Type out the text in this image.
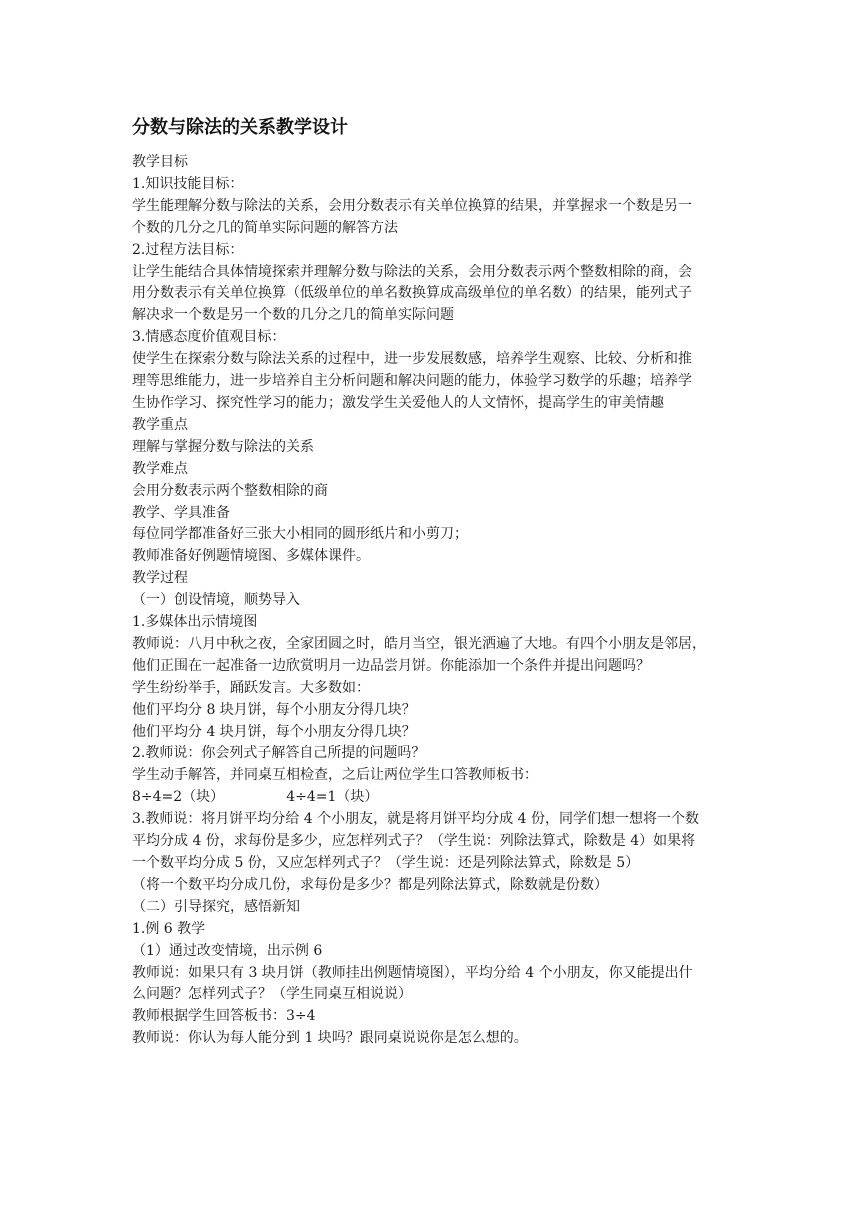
分数与除法的关系教学设计

教学目标

1.知识技能目标：

学生能理解分数与除法的关系，会用分数表示有关单位换算的结果，并掌握求一个数是另一

个数的几分之几的简单实际问题的解答方法

2.过程方法目标：

让学生能结合具体情境探索并理解分数与除法的关系，会用分数表示两个整数相除的商，会

用分数表示有关单位换算（低级单位的单名数换算成高级单位的单名数）的结果，能列式子

解决求一个数是另一个数的几分之几的简单实际问题

3.情感态度价值观目标：

使学生在探索分数与除法关系的过程中，进一步发展数感，培养学生观察、比较、分析和推

理等思维能力，进一步培养自主分析问题和解决问题的能力，体验学习数学的乐趣；培养学

生协作学习、探究性学习的能力；激发学生关爱他人的人文情怀，提高学生的审美情趣

教学重点

理解与掌握分数与除法的关系

教学难点

会用分数表示两个整数相除的商

教学、学具准备

每位同学都准备好三张大小相同的圆形纸片和小剪刀；

教师准备好例题情境图、多媒体课件。

教学过程

（一）创设情境，顺势导入

1.多媒体出示情境图

教师说：八月中秋之夜，全家团圆之时，皓月当空，银光洒遍了大地。有四个小朋友是邻居，

他们正围在一起准备一边欣赏明月一边品尝月饼。你能添加一个条件并提出问题吗？

学生纷纷举手，踊跃发言。大多数如：

他们平均分 8 块月饼，每个小朋友分得几块？

他们平均分 4 块月饼，每个小朋友分得几块？

2.教师说：你会列式子解答自己所提的问题吗？

学生动手解答，并同桌互相检查，之后让两位学生口答教师板书：

8÷4=2（块）	4÷4=1（块）

3.教师说：将月饼平均分给 4 个小朋友，就是将月饼平均分成 4 份，同学们想一想将一个数

平均分成 4 份，求每份是多少，应怎样列式子？（学生说：列除法算式，除数是 4）如果将

一个数平均分成 5 份，又应怎样列式子？（学生说：还是列除法算式，除数是 5）

（将一个数平均分成几份，求每份是多少？都是列除法算式，除数就是份数）

（二）引导探究，感悟新知

1.例 6 教学

（1）通过改变情境，出示例 6

教师说：如果只有 3 块月饼（教师挂出例题情境图），平均分给 4 个小朋友，你又能提出什

么问题？怎样列式子？（学生同桌互相说说）

教师根据学生回答板书：3÷4

教师说：你认为每人能分到 1 块吗？跟同桌说说你是怎么想的。
